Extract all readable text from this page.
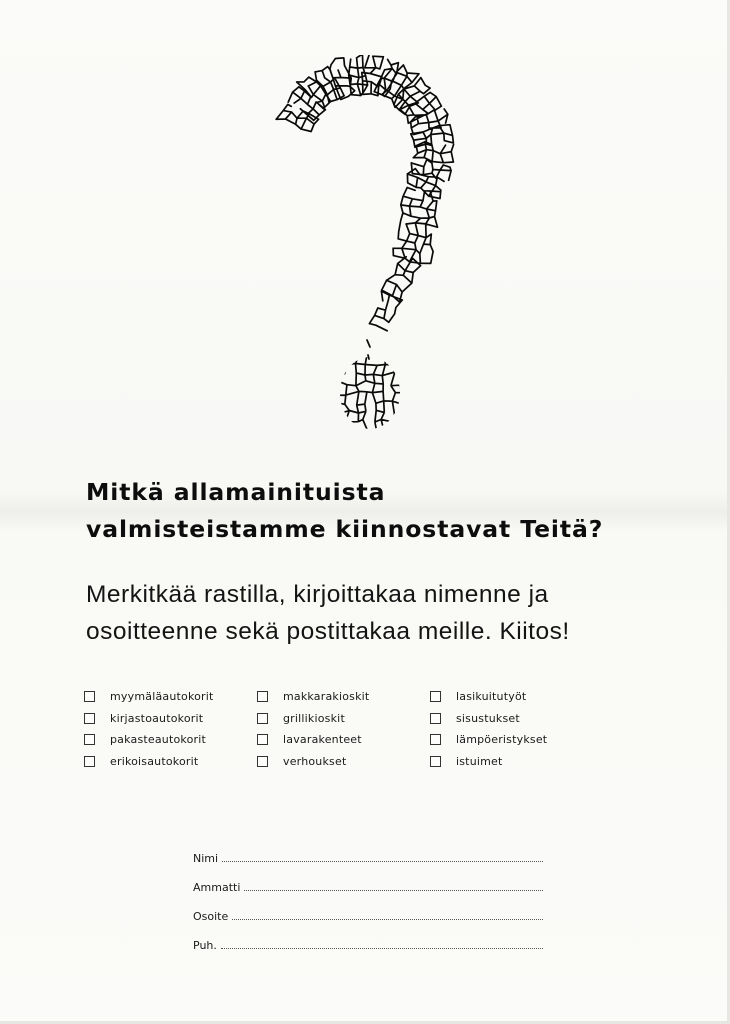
Mitkä allamainituista
valmisteistamme kiinnostavat Teitä?
Merkitkää rastilla, kirjoittakaa nimenne ja
osoitteenne sekä postittakaa meille. Kiitos!
myymäläautokorit
kirjastoautokorit
pakasteautokorit
erikoisautokorit
makkarakioskit
grillikioskit
lavarakenteet
verhoukset
lasikuitutyöt
sisustukset
lämpöeristykset
istuimet
Nimi
Ammatti
Osoite
Puh.
